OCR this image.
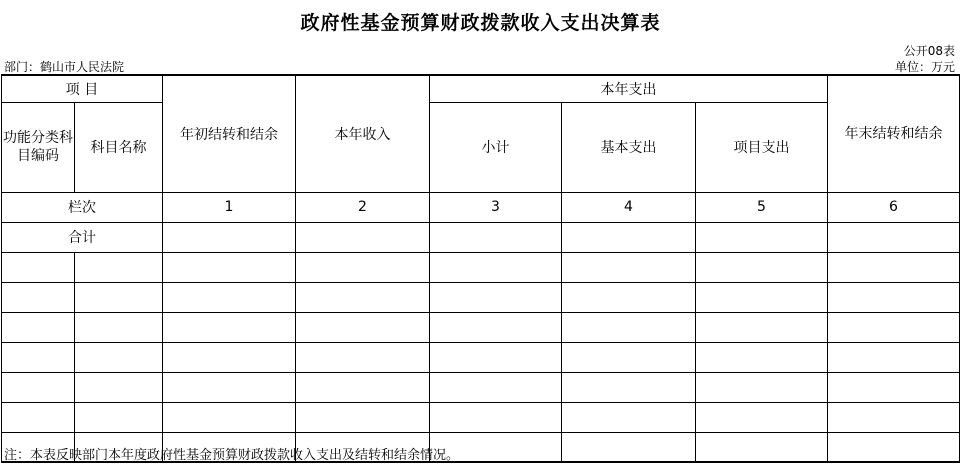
政府性基金预算财政拨款收入支出决算表
公开08表
部门：鹤山市人民法院	单位：万元
项 目		年初结转和结余	本年收入	本年支出			年末结转和结余
功能分类科目编码	科目名称			小计	基本支出	项目支出	
栏次		1	2	3	4	5	6
合计							

注：本表反映部门本年度政府性基金预算财政拨款收入支出及结转和结余情况。
